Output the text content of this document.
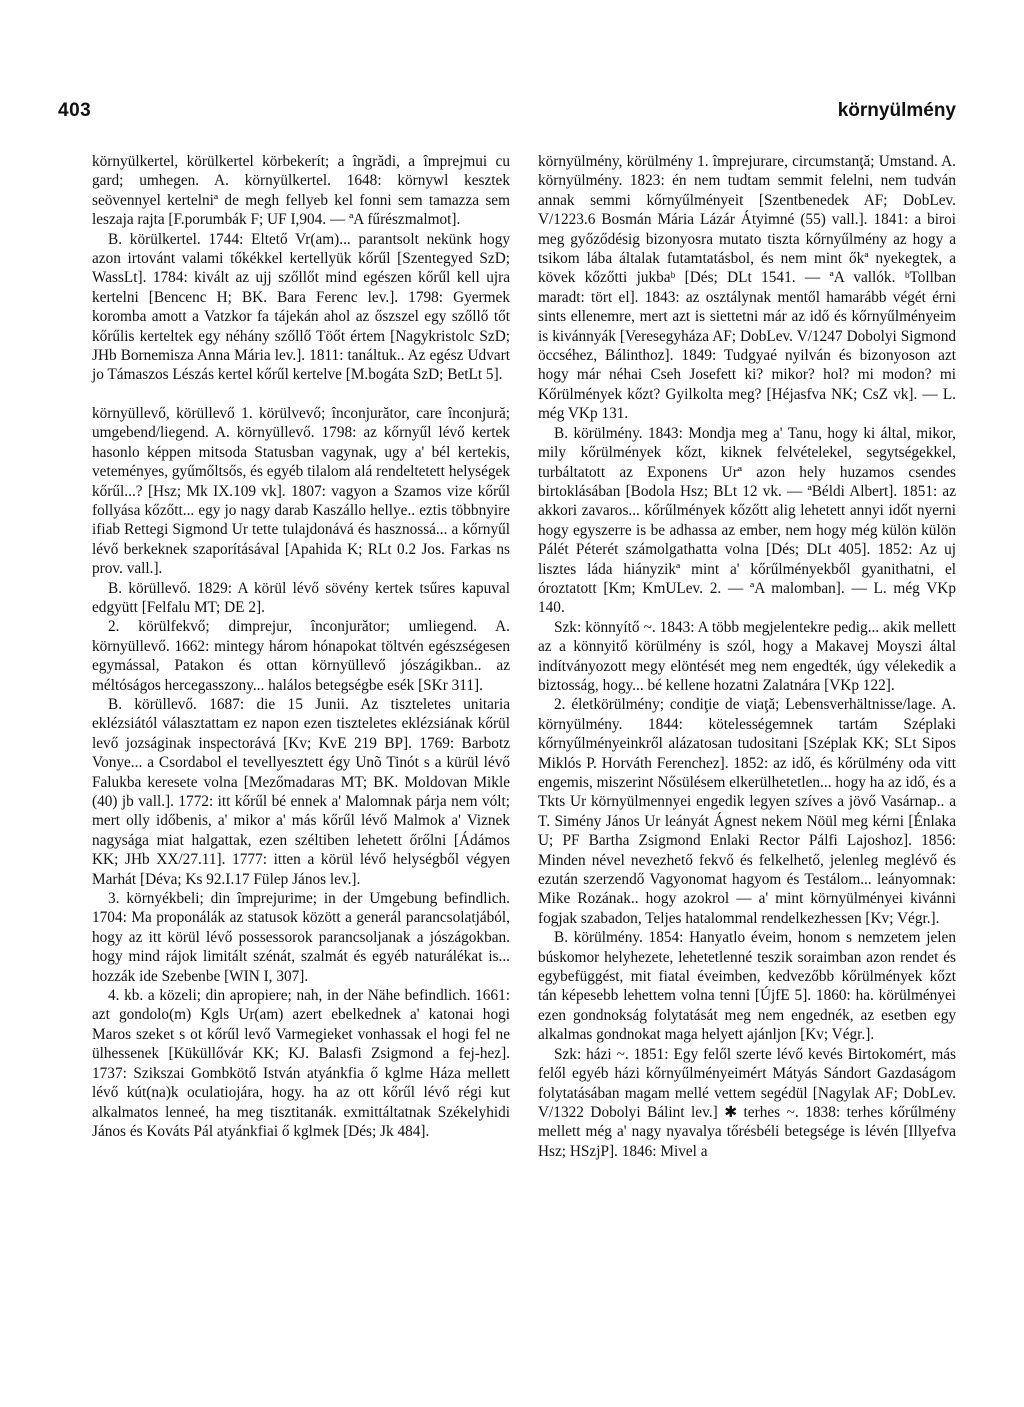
403	környülmény

környülkertel, körülkertel körbekerít; a îngrădi, a împrejmui cu gard; umhegen. A. környülkertel. 1648: környwl kesztek seövennyel kertelniª de megh fellyeb kel fonni sem tamazza sem leszaja rajta [F.porumbák F; UF I,904. — ªA fűrészmalmot].

B. körülkertel. 1744: Eltető Vr(am)... parantsolt nekünk hogy azon irtovánt valami tőkékkel kertellyük kőrűl [Szentegyed SzD; WassLt]. 1784: kivált az ujj szőllőt mind egészen kőrűl kell ujra kertelni [Bencenc H; BK. Bara Ferenc lev.]. 1798: Gyermek koromba amott a Vatzkor fa tájekán ahol az őszszel egy szőllő tőt kőrűlis kerteltek egy néhány szőllő Töőt értem [Nagykristolc SzD; JHb Bornemisza Anna Mária lev.]. 1811: tanáltuk.. Az egész Udvart jo Támaszos Lészás kertel kőrűl kertelve [M.bogáta SzD; BetLt 5].

környüllevő, körüllevő 1. körülvevő; înconjurător, care înconjură; umgebend/liegend. A. környüllevő. 1798: az kőrnyűl lévő kertek hasonlo képpen mitsoda Statusban vagynak, ugy a' bél kertekis, veteményes, gyűmőltsős, és egyéb tilalom alá rendeltetett helységek kőrűl...? [Hsz; Mk IX.109 vk]. 1807: vagyon a Szamos vize kőrűl follyása kőzőtt... egy jo nagy darab Kaszállo hellye.. eztis többnyire ifiab Rettegi Sigmond Ur tette tulajdonává és hasznossá... a kőrnyűl lévő berkeknek szaporításával [Apahida K; RLt 0.2 Jos. Farkas ns prov. vall.].

B. körüllevő. 1829: A körül lévő sövény kertek tsűres kapuval edgyütt [Felfalu MT; DE 2].

2. körülfekvő; dimprejur, înconjurător; umliegend. A. környüllevő. 1662: mintegy három hónapokat töltvén egészségesen egymással, Patakon és ottan környüllevő jószágikban.. az méltóságos hercegasszony... halálos betegségbe esék [SKr 311].

B. körüllevő. 1687: die 15 Junii. Az tiszteletes unitaria eklézsiától választattam ez napon ezen tiszteletes eklézsiának kőrül levő jozságinak inspectorává [Kv; KvE 219 BP]. 1769: Barbotz Vonye... a Csordabol el tevellyesztett égy Unõ Tinót s a kürül lévő Falukba keresete volna [Mezőmadaras MT; BK. Moldovan Mikle (40) jb vall.]. 1772: itt kőrűl bé ennek a' Malomnak párja nem vólt; mert olly időbenis, a' mikor a' más kőrűl lévő Malmok a' Viznek nagysága miat halgattak, ezen széltiben lehetett őrőlni [Ádámos KK; JHb XX/27.11]. 1777: itten a körül lévő helységből végyen Marhát [Déva; Ks 92.I.17 Fülep János lev.].

3. környékbeli; din împrejurime; in der Umgebung befindlich. 1704: Ma proponálák az statusok között a generál parancsolatjából, hogy az itt körül lévő possessorok parancsoljanak a jószágokban. hogy mind rájok limitált szénát, szalmát és egyéb naturálékat is... hozzák ide Szebenbe [WIN I, 307].

4. kb. a közeli; din apropiere; nah, in der Nähe befindlich. 1661: azt gondolo(m) Kgls Ur(am) azert ebelkednek a' katonai hogi Maros szeket s ot kőrűl levő Varmegieket vonhassak el hogi fel ne ülhessenek [Küküllővár KK; KJ. Balasfi Zsigmond a fej-hez]. 1737: Szikszai Gombkötő István atyánkfia ő kglme Háza mellett lévő kút(na)k oculatiojára, hogy. ha az ott kőrűl lévő régi kut alkalmatos lenneé, ha meg tisztitanák. exmittáltatnak Székelyhidi János és Kováts Pál atyánkfiai ő kglmek [Dés; Jk 484].

környülmény, körülmény 1. împrejurare, circumstanţă; Umstand. A. környülmény. 1823: én nem tudtam semmit felelni, nem tudván annak semmi kőrnyűlményeit [Szentbenedek AF; DobLev. V/1223.6 Bosmán Mária Lázár Átyimné (55) vall.]. 1841: a biroi meg győződésig bizonyosra mutato tiszta kőrnyűlmény az hogy a tsikom lába általak futamtatásbol, és nem mint őkª nyekegtek, a kövek kőzőtti jukbaᵇ [Dés; DLt 1541. — ªA vallók. ᵇTollban maradt: tört el]. 1843: az osztálynak mentől hamarább végét érni sints ellenemre, mert azt is siettetni már az idő és kőrnyűlményeim is kivánnyák [Veresegyháza AF; DobLev. V/1247 Dobolyi Sigmond öccséhez, Bálinthoz]. 1849: Tudgyaé nyilván és bizonyoson azt hogy már néhai Cseh Josefett ki? mikor? hol? mi modon? mi Kőrülmények kőzt? Gyilkolta meg? [Héjasfva NK; CsZ vk]. — L. még VKp 131.

B. körülmény. 1843: Mondja meg a' Tanu, hogy ki által, mikor, mily kőrülmények kőzt, kiknek felvételekel, segytségekkel, turbáltatott az Exponens Urª azon hely huzamos csendes birtoklásában [Bodola Hsz; BLt 12 vk. — ªBéldi Albert]. 1851: az akkori zavaros... kőrűlmények kőzőtt alig lehetett annyi időt nyerni hogy egyszerre is be adhassa az ember, nem hogy még külön külön Pálét Péterét számolgathatta volna [Dés; DLt 405]. 1852: Az uj lisztes láda hiányzikª mint a' kőrűlményekből gyanithatni, el óroztatott [Km; KmULev. 2. — ªA malomban]. — L. még VKp 140.

Szk: könnyítő ~. 1843: A több megjelentekre pedig... akik mellett az a könnyitő körülmény is szól, hogy a Makavej Moyszi által indítványozott megy elöntését meg nem engedték, úgy vélekedik a biztosság, hogy... bé kellene hozatni Zalatnára [VKp 122].

2. életkörülmény; condiţie de viaţă; Lebensverhältnisse/lage. A. környülmény. 1844: kötelességemnek tartám Széplaki kőrnyűlményeinkről alázatosan tudositani [Széplak KK; SLt Sipos Miklós P. Horváth Ferenchez]. 1852: az idő, és kőrülmény oda vitt engemis, miszerint Nősülésem elkerülhetetlen... hogy ha az idő, és a Tkts Ur környülmennyei engedik legyen szíves a jövő Vasárnap.. a T. Simény János Ur leányát Ágnest nekem Nöül meg kérni [Énlaka U; PF Bartha Zsigmond Enlaki Rector Pálfi Lajoshoz]. 1856: Minden nével nevezhető fekvő és felkelhető, jelenleg meglévő és ezután szerzendő Vagyonomat hagyom és Testálom... leányomnak: Mike Rozának.. hogy azokrol — a' mint környülményei kivánni fogjak szabadon, Teljes hatalommal rendelkezhessen [Kv; Végr.].

B. körülmény. 1854: Hanyatlo éveim, honom s nemzetem jelen búskomor helyhezete, lehetetlenné teszik soraimban azon rendet és egybefüggést, mit fiatal éveimben, kedvezőbb kőrülmények kőzt tán képesebb lehettem volna tenni [ÚjfE 5]. 1860: ha. körülményei ezen gondnokság folytatását meg nem engednék, az esetben egy alkalmas gondnokat maga helyett ajánljon [Kv; Végr.].

Szk: házi ~. 1851: Egy felől szerte lévő kevés Birtokomért, más felől egyéb házi kőrnyűlményeimért Mátyás Sándort Gazdaságom folytatásában magam mellé vettem segédül [Nagylak AF; DobLev. V/1322 Dobolyi Bálint lev.] ✱ terhes ~. 1838: terhes kőrűlmény mellett még a' nagy nyavalya tőrésbéli betegsége is lévén [Illyefva Hsz; HSzjP]. 1846: Mivel a
